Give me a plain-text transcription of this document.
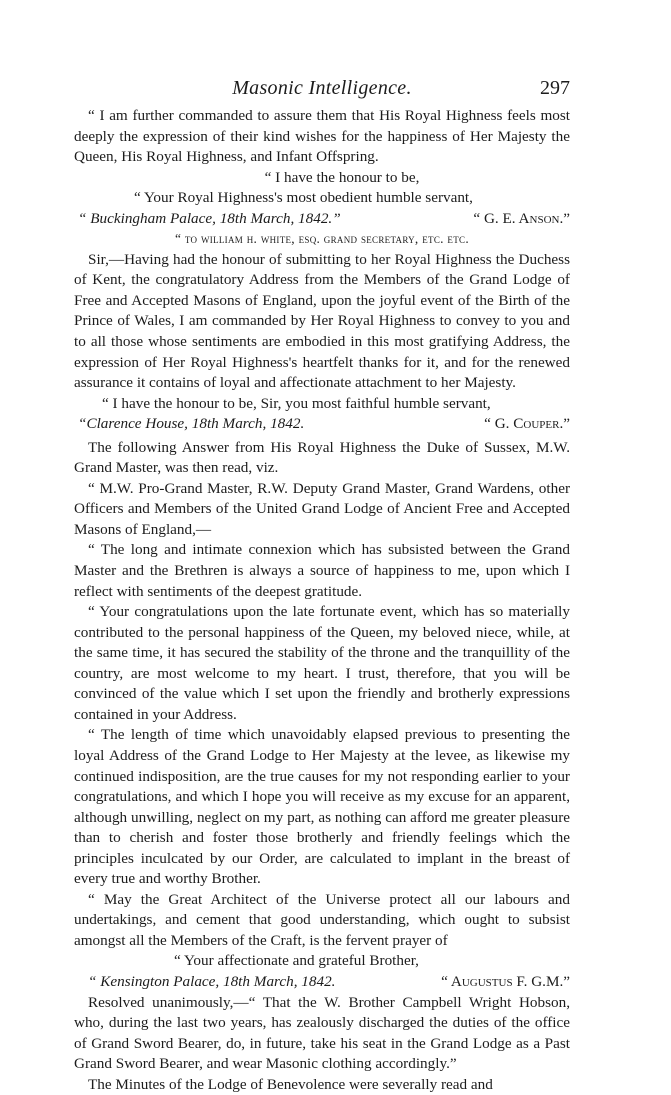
Masonic Intelligence.	297

“ I am further commanded to assure them that His Royal Highness feels most deeply the expression of their kind wishes for the happiness of Her Majesty the Queen, His Royal Highness, and Infant Offspring.

“ I have the honour to be,

“ Your Royal Highness's most obedient humble servant,

“ Buckingham Palace, 18th March, 1842.”	“ G. E. Anson.”

“ to william h. white, esq. grand secretary, etc. etc.

Sir,—Having had the honour of submitting to her Royal Highness the Duchess of Kent, the congratulatory Address from the Members of the Grand Lodge of Free and Accepted Masons of England, upon the joyful event of the Birth of the Prince of Wales, I am commanded by Her Royal Highness to convey to you and to all those whose sentiments are embodied in this most gratifying Address, the expression of Her Royal Highness's heartfelt thanks for it, and for the renewed assurance it contains of loyal and affectionate attachment to her Majesty.

“ I have the honour to be, Sir, you most faithful humble servant,

“Clarence House, 18th March, 1842.	“ G. Couper.”

The following Answer from His Royal Highness the Duke of Sussex, M.W. Grand Master, was then read, viz.

“ M.W. Pro-Grand Master, R.W. Deputy Grand Master, Grand Wardens, other Officers and Members of the United Grand Lodge of Ancient Free and Accepted Masons of England,—

“ The long and intimate connexion which has subsisted between the Grand Master and the Brethren is always a source of happiness to me, upon which I reflect with sentiments of the deepest gratitude.

“ Your congratulations upon the late fortunate event, which has so materially contributed to the personal happiness of the Queen, my beloved niece, while, at the same time, it has secured the stability of the throne and the tranquillity of the country, are most welcome to my heart. I trust, therefore, that you will be convinced of the value which I set upon the friendly and brotherly expressions contained in your Address.

“ The length of time which unavoidably elapsed previous to presenting the loyal Address of the Grand Lodge to Her Majesty at the levee, as likewise my continued indisposition, are the true causes for my not responding earlier to your congratulations, and which I hope you will receive as my excuse for an apparent, although unwilling, neglect on my part, as nothing can afford me greater pleasure than to cherish and foster those brotherly and friendly feelings which the principles inculcated by our Order, are calculated to implant in the breast of every true and worthy Brother.

“ May the Great Architect of the Universe protect all our labours and undertakings, and cement that good understanding, which ought to subsist amongst all the Members of the Craft, is the fervent prayer of

“ Your affectionate and grateful Brother,

“ Kensington Palace, 18th March, 1842.	“ Augustus F. G.M.”

Resolved unanimously,—“ That the W. Brother Campbell Wright Hobson, who, during the last two years, has zealously discharged the duties of the office of Grand Sword Bearer, do, in future, take his seat in the Grand Lodge as a Past Grand Sword Bearer, and wear Masonic clothing accordingly.”

The Minutes of the Lodge of Benevolence were severally read and
